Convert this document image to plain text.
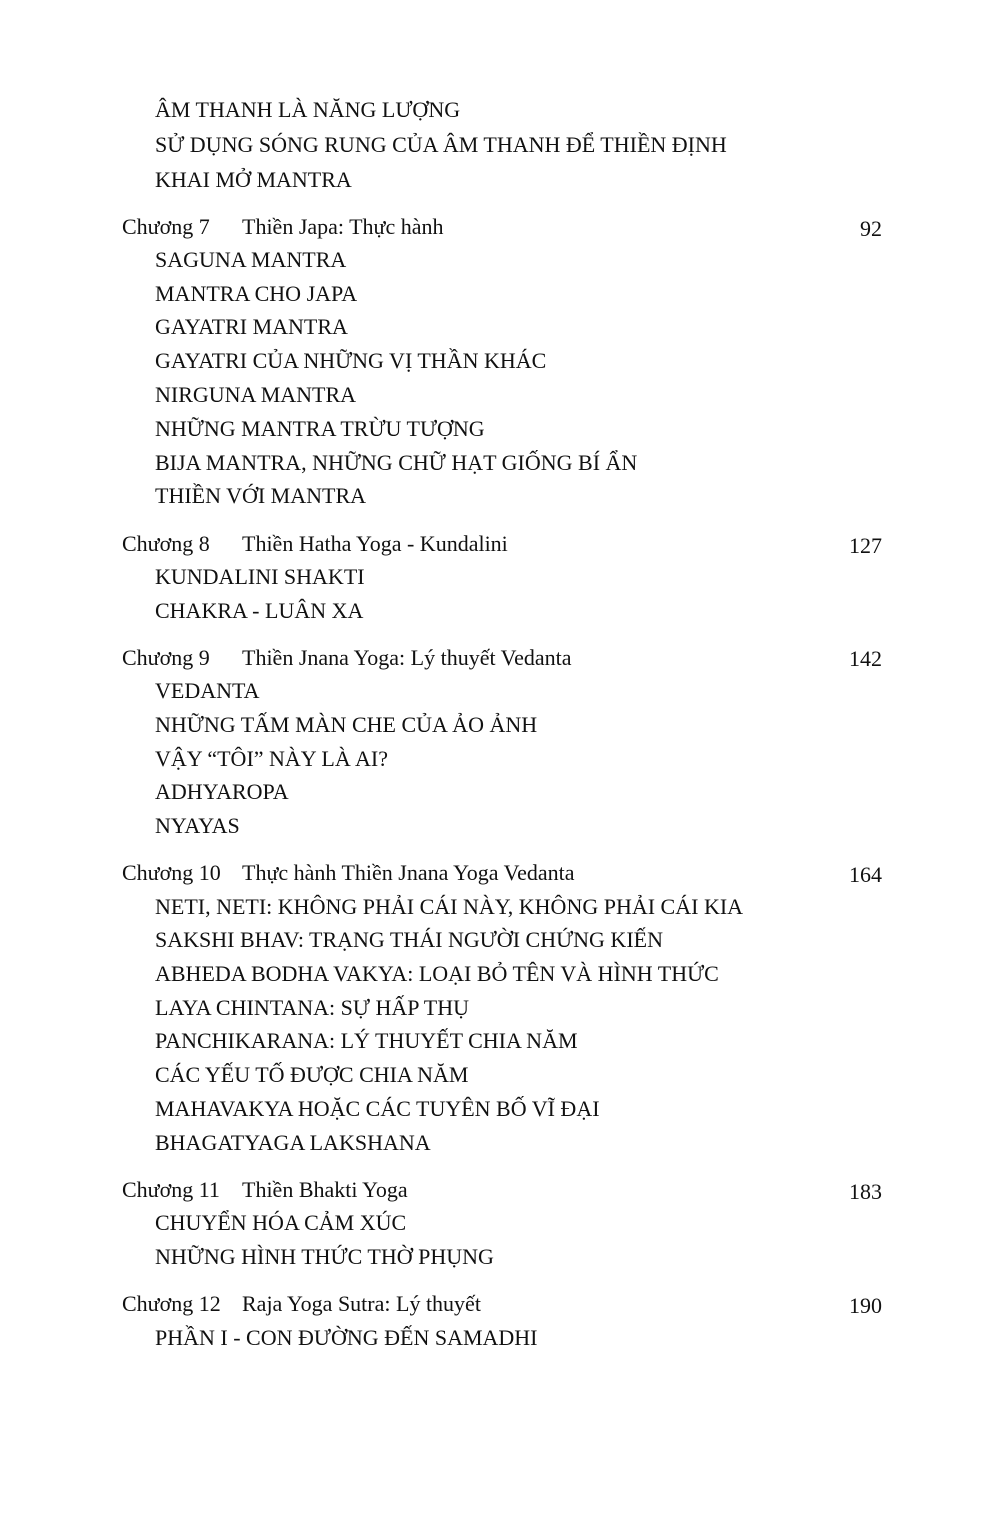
ÂM THANH LÀ NĂNG LƯỢNG
SỬ DỤNG SÓNG RUNG CỦA ÂM THANH ĐỂ THIỀN ĐỊNH
KHAI MỞ MANTRA
Chương 7 Thiền Japa: Thực hành	92
SAGUNA MANTRA
MANTRA CHO JAPA
GAYATRI MANTRA
GAYATRI CỦA NHỮNG VỊ THẦN KHÁC
NIRGUNA MANTRA
NHỮNG MANTRA TRỪU TƯỢNG
BIJA MANTRA, NHỮNG CHỮ HẠT GIỐNG BÍ ẨN
THIỀN VỚI MANTRA
Chương 8 Thiền Hatha Yoga - Kundalini	127
KUNDALINI SHAKTI
CHAKRA - LUÂN XA
Chương 9 Thiền Jnana Yoga: Lý thuyết Vedanta	142
VEDANTA
NHỮNG TẤM MÀN CHE CỦA ẢO ẢNH
VẬY “TÔI” NÀY LÀ AI?
ADHYAROPA
NYAYAS
Chương 10 Thực hành Thiền Jnana Yoga Vedanta	164
NETI, NETI: KHÔNG PHẢI CÁI NÀY, KHÔNG PHẢI CÁI KIA
SAKSHI BHAV: TRẠNG THÁI NGƯỜI CHỨNG KIẾN
ABHEDA BODHA VAKYA: LOẠI BỎ TÊN VÀ HÌNH THỨC
LAYA CHINTANA: SỰ HẤP THỤ
PANCHIKARANA: LÝ THUYẾT CHIA NĂM
CÁC YẾU TỐ ĐƯỢC CHIA NĂM
MAHAVAKYA HOẶC CÁC TUYÊN BỐ VĨ ĐẠI
BHAGATYAGA LAKSHANA
Chương 11 Thiền Bhakti Yoga	183
CHUYỂN HÓA CẢM XÚC
NHỮNG HÌNH THỨC THỜ PHỤNG
Chương 12 Raja Yoga Sutra: Lý thuyết	190
PHẦN I - CON ĐƯỜNG ĐẾN SAMADHI
